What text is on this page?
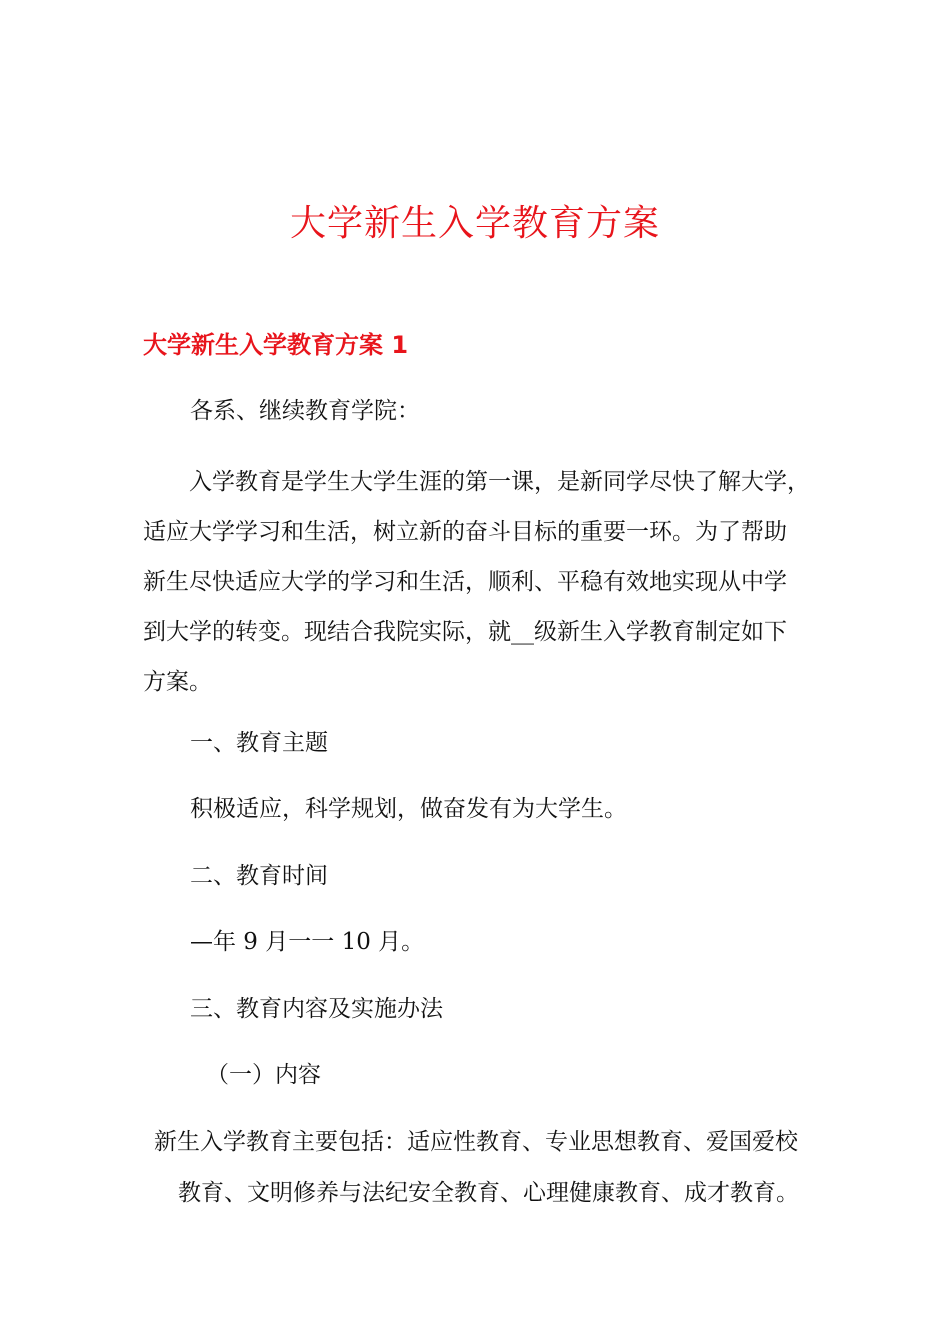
大学新生入学教育方案
大学新生入学教育方案 1
各系、继续教育学院：
　　入学教育是学生大学生涯的第一课，是新同学尽快了解大学，
适应大学学习和生活，树立新的奋斗目标的重要一环。为了帮助
新生尽快适应大学的学习和生活，顺利、平稳有效地实现从中学
到大学的转变。现结合我院实际，就__级新生入学教育制定如下
方案。
一、教育主题
积极适应，科学规划，做奋发有为大学生。
二、教育时间
—年 9 月一一 10 月。
三、教育内容及实施办法
（一）内容
新生入学教育主要包括：适应性教育、专业思想教育、爱国爱校
教育、文明修养与法纪安全教育、心理健康教育、成才教育。
